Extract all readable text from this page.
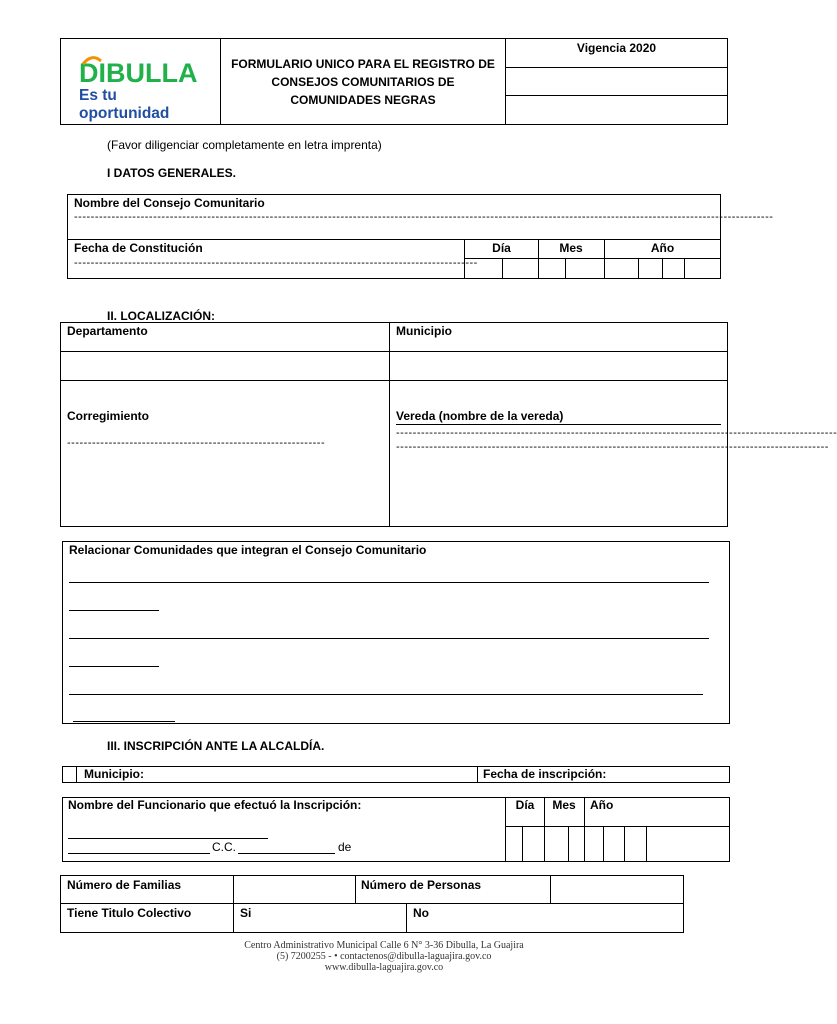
DIBULLA
Es tu oportunidad
FORMULARIO UNICO PARA EL REGISTRO DE CONSEJOS COMUNITARIOS DE COMUNIDADES NEGRAS
Vigencia 2020
(Favor diligenciar completamente en letra imprenta)
I DATOS GENERALES.
Nombre del Consejo Comunitario
------------------------------------------------------------------------------------------------------------------------------------------------------------------------
Fecha de Constitución
-------------------------------------------------------------------------------------------------
Día	Mes	Año
II. LOCALIZACIÓN:
Departamento	Municipio
Corregimiento
--------------------------------------------------------------
Vereda (nombre de la vereda)
----------------------------------------------------------------------------------------------------------
--------------------------------------------------------------------------------------------------------
Relacionar Comunidades que integran el Consejo Comunitario
III. INSCRIPCIÓN ANTE LA ALCALDÍA.
Municipio:	Fecha de inscripción:
Nombre del Funcionario que efectuó la Inscripción:
C.C.	de
Día	Mes	Año
Número de Familias	Número de Personas
Tiene Titulo Colectivo	Si	No
Centro Administrativo Municipal Calle 6 N° 3-36 Dibulla, La Guajira
(5) 7200255 - • contactenos@dibulla-laguajira.gov.co
www.dibulla-laguajira.gov.co
